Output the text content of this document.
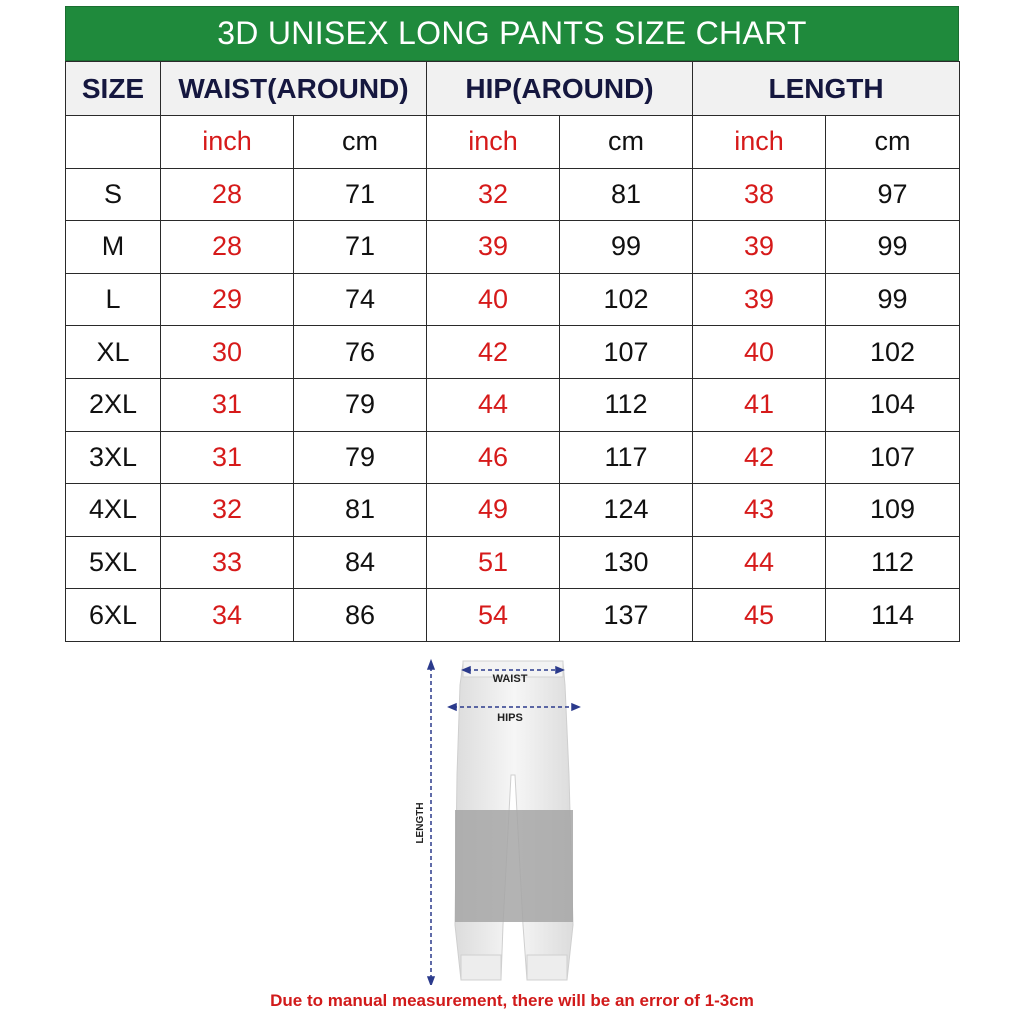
3D UNISEX LONG PANTS SIZE CHART
SIZE	WAIST(AROUND)		HIP(AROUND)		LENGTH	
	inch	cm	inch	cm	inch	cm
S	28	71	32	81	38	97
M	28	71	39	99	39	99
L	29	74	40	102	39	99
XL	30	76	42	107	40	102
2XL	31	79	44	112	41	104
3XL	31	79	46	117	42	107
4XL	32	81	49	124	43	109
5XL	33	84	51	130	44	112
6XL	34	86	54	137	45	114
WAIST
HIPS
LENGTH
Due to manual measurement, there will be an error of 1-3cm
